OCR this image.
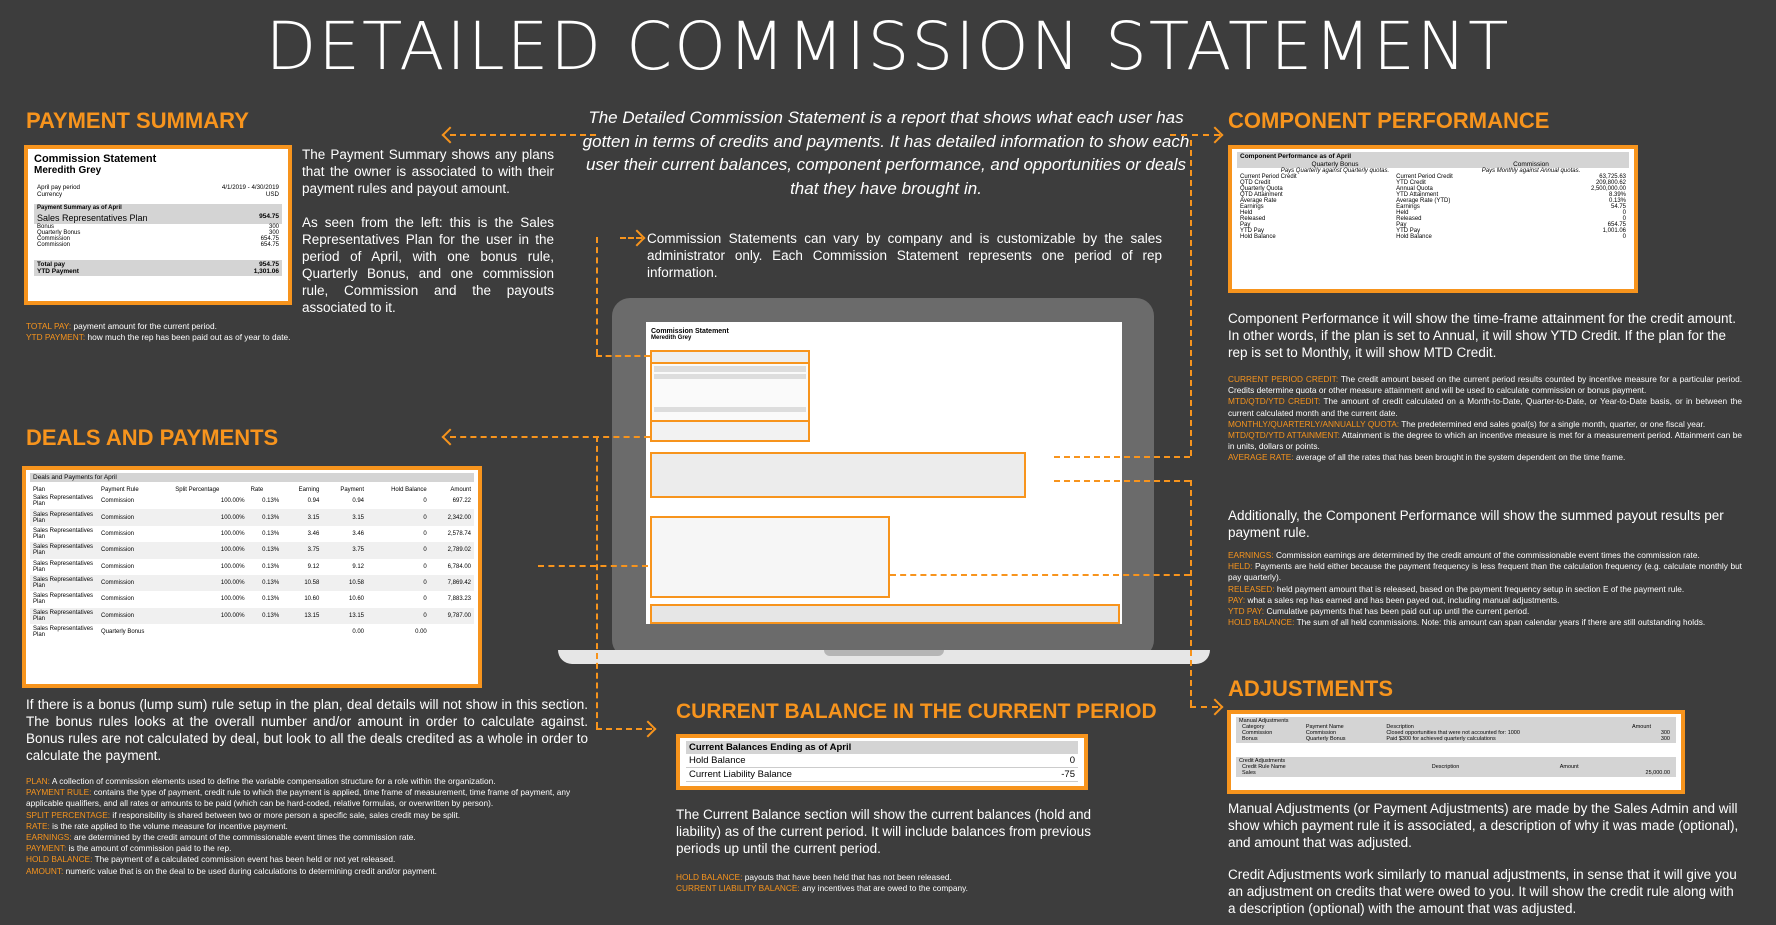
DETAILED COMMISSION STATEMENT
The Detailed Commission Statement is a report that shows what each user has gotten in terms of credits and payments. It has detailed information to show each user their current balances, component performance, and opportunities or deals that they have brought in.
Commission Statements can vary by company and is customizable by the sales administrator only. Each Commission Statement represents one period of rep information.
PAYMENT SUMMARY
Commission Statement
Meredith Grey
April pay period	4/1/2019 - 4/30/2019
Currency	USD
Payment Summary as of April
Sales Representatives Plan	954.75
Bonus	300
Quarterly Bonus	300
Commission	654.75
Commission	654.75
Total pay	954.75
YTD Payment	1,301.06
The Payment Summary shows any plans that the owner is associated to with their payment rules and payout amount.
As seen from the left: this is the Sales Representatives Plan for the user in the period of April, with one bonus rule, Quarterly Bonus, and one commission rule, Commission and the payouts associated to it.
TOTAL PAY: payment amount for the current period.
YTD PAYMENT: how much the rep has been paid out as of year to date.
DEALS AND PAYMENTS
Deals and Payments for April
Plan	Payment Rule	Split Percentage	Rate	Earning	Payment	Hold Balance	Amount
Sales Representatives Plan	Commission	100.00%	0.13%	0.94	0.94	0	697.22
Sales Representatives Plan	Commission	100.00%	0.13%	3.15	3.15	0	2,342.00
Sales Representatives Plan	Commission	100.00%	0.13%	3.46	3.46	0	2,578.74
Sales Representatives Plan	Commission	100.00%	0.13%	3.75	3.75	0	2,789.02
Sales Representatives Plan	Commission	100.00%	0.13%	9.12	9.12	0	6,784.00
Sales Representatives Plan	Commission	100.00%	0.13%	10.58	10.58	0	7,869.42
Sales Representatives Plan	Commission	100.00%	0.13%	10.60	10.60	0	7,883.23
Sales Representatives Plan	Commission	100.00%	0.13%	13.15	13.15	0	9,787.00
Sales Representatives Plan	Quarterly Bonus				0.00	0.00	
If there is a bonus (lump sum) rule setup in the plan, deal details will not show in this section. The bonus rules looks at the overall number and/or amount in order to calculate against. Bonus rules are not calculated by deal, but look to all the deals credited as a whole in order to calculate the payment.
PLAN: A collection of commission elements used to define the variable compensation structure for a role within the organization.
PAYMENT RULE: contains the type of payment, credit rule to which the payment is applied, time frame of measurement, time frame of payment, any applicable qualifiers, and all rates or amounts to be paid (which can be hard-coded, relative formulas, or overwritten by person).
SPLIT PERCENTAGE: if responsibility is shared between two or more person a specific sale, sales credit may be split.
RATE: is the rate applied to the volume measure for incentive payment.
EARNINGS: are determined by the credit amount of the commissionable event times the commission rate.
PAYMENT: is the amount of commission paid to the rep.
HOLD BALANCE: The payment of a calculated commission event has been held or not yet released.
AMOUNT: numeric value that is on the deal to be used during calculations to determining credit and/or payment.
CURRENT BALANCE IN THE CURRENT PERIOD
Current Balances Ending as of April
Hold Balance	0
Current Liability Balance	-75
The Current Balance section will show the current balances (hold and liability) as of the current period. It will include balances from previous periods up until the current period.
HOLD BALANCE: payouts that have been held that has not been released.
CURRENT LIABILITY BALANCE: any incentives that are owed to the company.
COMPONENT PERFORMANCE
Component Performance as of April
Quarterly Bonus	Commission
Pays Quarterly against Quarterly quotas.	Pays Monthly against Annual quotas.
Current Period Credit		Current Period Credit	63,725.63
QTD Credit		YTD Credit	209,800.62
Quarterly Quota		Annual Quota	2,500,000.00
QTD Attainment		YTD Attainment	8.39%
Average Rate		Average Rate (YTD)	0.13%
Earnings		Earnings	54.75
Held		Held	0
Released		Released	0
Pay		Pay	654.75
YTD Pay		YTD Pay	1,001.06
Hold Balance		Hold Balance	0
Component Performance it will show the time-frame attainment for the credit amount. In other words, if the plan is set to Annual, it will show YTD Credit. If the plan for the rep is set to Monthly, it will show MTD Credit.
CURRENT PERIOD CREDIT: The credit amount based on the current period results counted by incentive measure for a particular period. Credits determine quota or other measure attainment and will be used to calculate commission or bonus payment.
MTD/QTD/YTD CREDIT: The amount of credit calculated on a Month-to-Date, Quarter-to-Date, or Year-to-Date basis, or in between the current calculated month and the current date.
MONTHLY/QUARTERLY/ANNUALLY QUOTA: The predetermined end sales goal(s) for a single month, quarter, or one fiscal year.
MTD/QTD/YTD ATTAINMENT: Attainment is the degree to which an incentive measure is met for a measurement period. Attainment can be in units, dollars or points.
AVERAGE RATE: average of all the rates that has been brought in the system dependent on the time frame.
Additionally, the Component Performance will show the summed payout results per payment rule.
EARNINGS: Commission earnings are determined by the credit amount of the commissionable event times the commission rate.
HELD: Payments are held either because the payment frequency is less frequent than the calculation frequency (e.g. calculate monthly but pay quarterly).
RELEASED: held payment amount that is released, based on the payment frequency setup in section E of the payment rule.
PAY: what a sales rep has earned and has been payed out, including manual adjustments.
YTD PAY: Cumulative payments that has been paid out up until the current period.
HOLD BALANCE: The sum of all held commissions. Note: this amount can span calendar years if there are still outstanding holds.
ADJUSTMENTS
Manual Adjustments
Category	Payment Name	Description	Amount
Commission	Commission	Closed opportunities that were not accounted for: 1000	300
Bonus	Quarterly Bonus	Paid $300 for achieved quarterly calculations	300
Credit Adjustments
Credit Rule Name	Description	Amount
Sales		25,000.00
Manual Adjustments (or Payment Adjustments) are made by the Sales Admin and will show which payment rule it is associated, a description of why it was made (optional), and amount that was adjusted.
Credit Adjustments work similarly to manual adjustments, in sense that it will give you an adjustment on credits that were owed to you. It will show the credit rule along with a description (optional) with the amount that was adjusted.
Commission Statement
Meredith Grey
